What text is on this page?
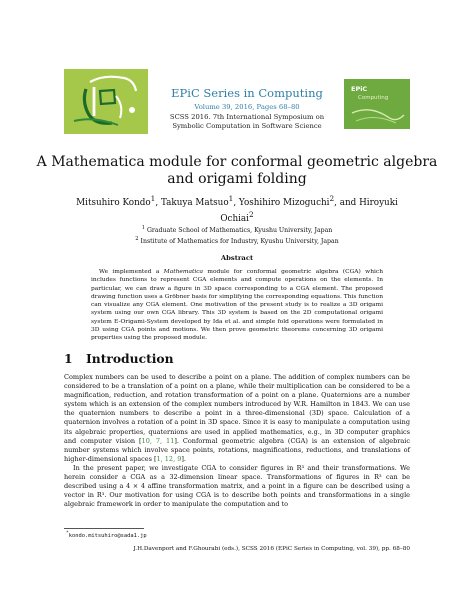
EPiC Series in Computing
Volume 39, 2016, Pages 68–80
SCSS 2016. 7th International Symposium on
Symbolic Computation in Software Science
EPiC
Computing
A Mathematica module for conformal geometric algebra
and origami folding
Mitsuhiro Kondo$^1$, Takuya Matsuo$^1$, Yoshihiro Mizoguchi$^2$, and Hiroyuki Ochiai$^2$
$^1$ Graduate School of Mathematics, Kyushu University, Japan
$^2$ Institute of Mathematics for Industry, Kyushu University, Japan
Abstract

We implemented a Mathematica module for conformal geometric algebra (CGA) which includes functions to represent CGA elements and compute operations on the elements. In particular, we can draw a figure in 3D space corresponding to a CGA element. The proposed drawing function uses a Gröbner basis for simplifying the corresponding equations. This function can visualize any CGA element. One motivation of the present study is to realize a 3D origami system using our own CGA library. This 3D system is based on the 2D computational origami system E-Origami-System developed by Ida et al. and simple fold operations were formulated in 3D using CGA points and motions. We then prove geometric theorems concerning 3D origami properties using the proposed module.

1 Introduction

Complex numbers can be used to describe a point on a plane. The addition of complex numbers can be considered to be a translation of a point on a plane, while their multiplication can be considered to be a magnification, reduction, and rotation transformation of a point on a plane. Quaternions are a number system which is an extension of the complex numbers introduced by W.R. Hamilton in 1843. We can use the quaternion numbers to describe a point in a three-dimensional (3D) space. Calculation of a quaternion involves a rotation of a point in 3D space. Since it is easy to manipulate a computation using its algebraic properties, quaternions are used in applied mathematics, e.g., in 3D computer graphics and computer vision [10, 7, 11]. Conformal geometric algebra (CGA) is an extension of algebraic number systems which involve space points, rotations, magnifications, reductions, and translations of higher-dimensional spaces [1, 12, 9].

In the present paper, we investigate CGA to consider figures in R³ and their transformations. We herein consider a CGA as a 32-dimension linear space. Transformations of figures in R³ can be described using a 4 × 4 affine transformation matrix, and a point in a figure can be described using a vector in R³. Our motivation for using CGA is to describe both points and transformations in a single algebraic framework in order to manipulate the computation and to

*kondo.mitsuhiro@sada1.jp
J.H.Davenport and F.Ghourabi (eds.), SCSS 2016 (EPiC Series in Computing, vol. 39), pp. 68–80
